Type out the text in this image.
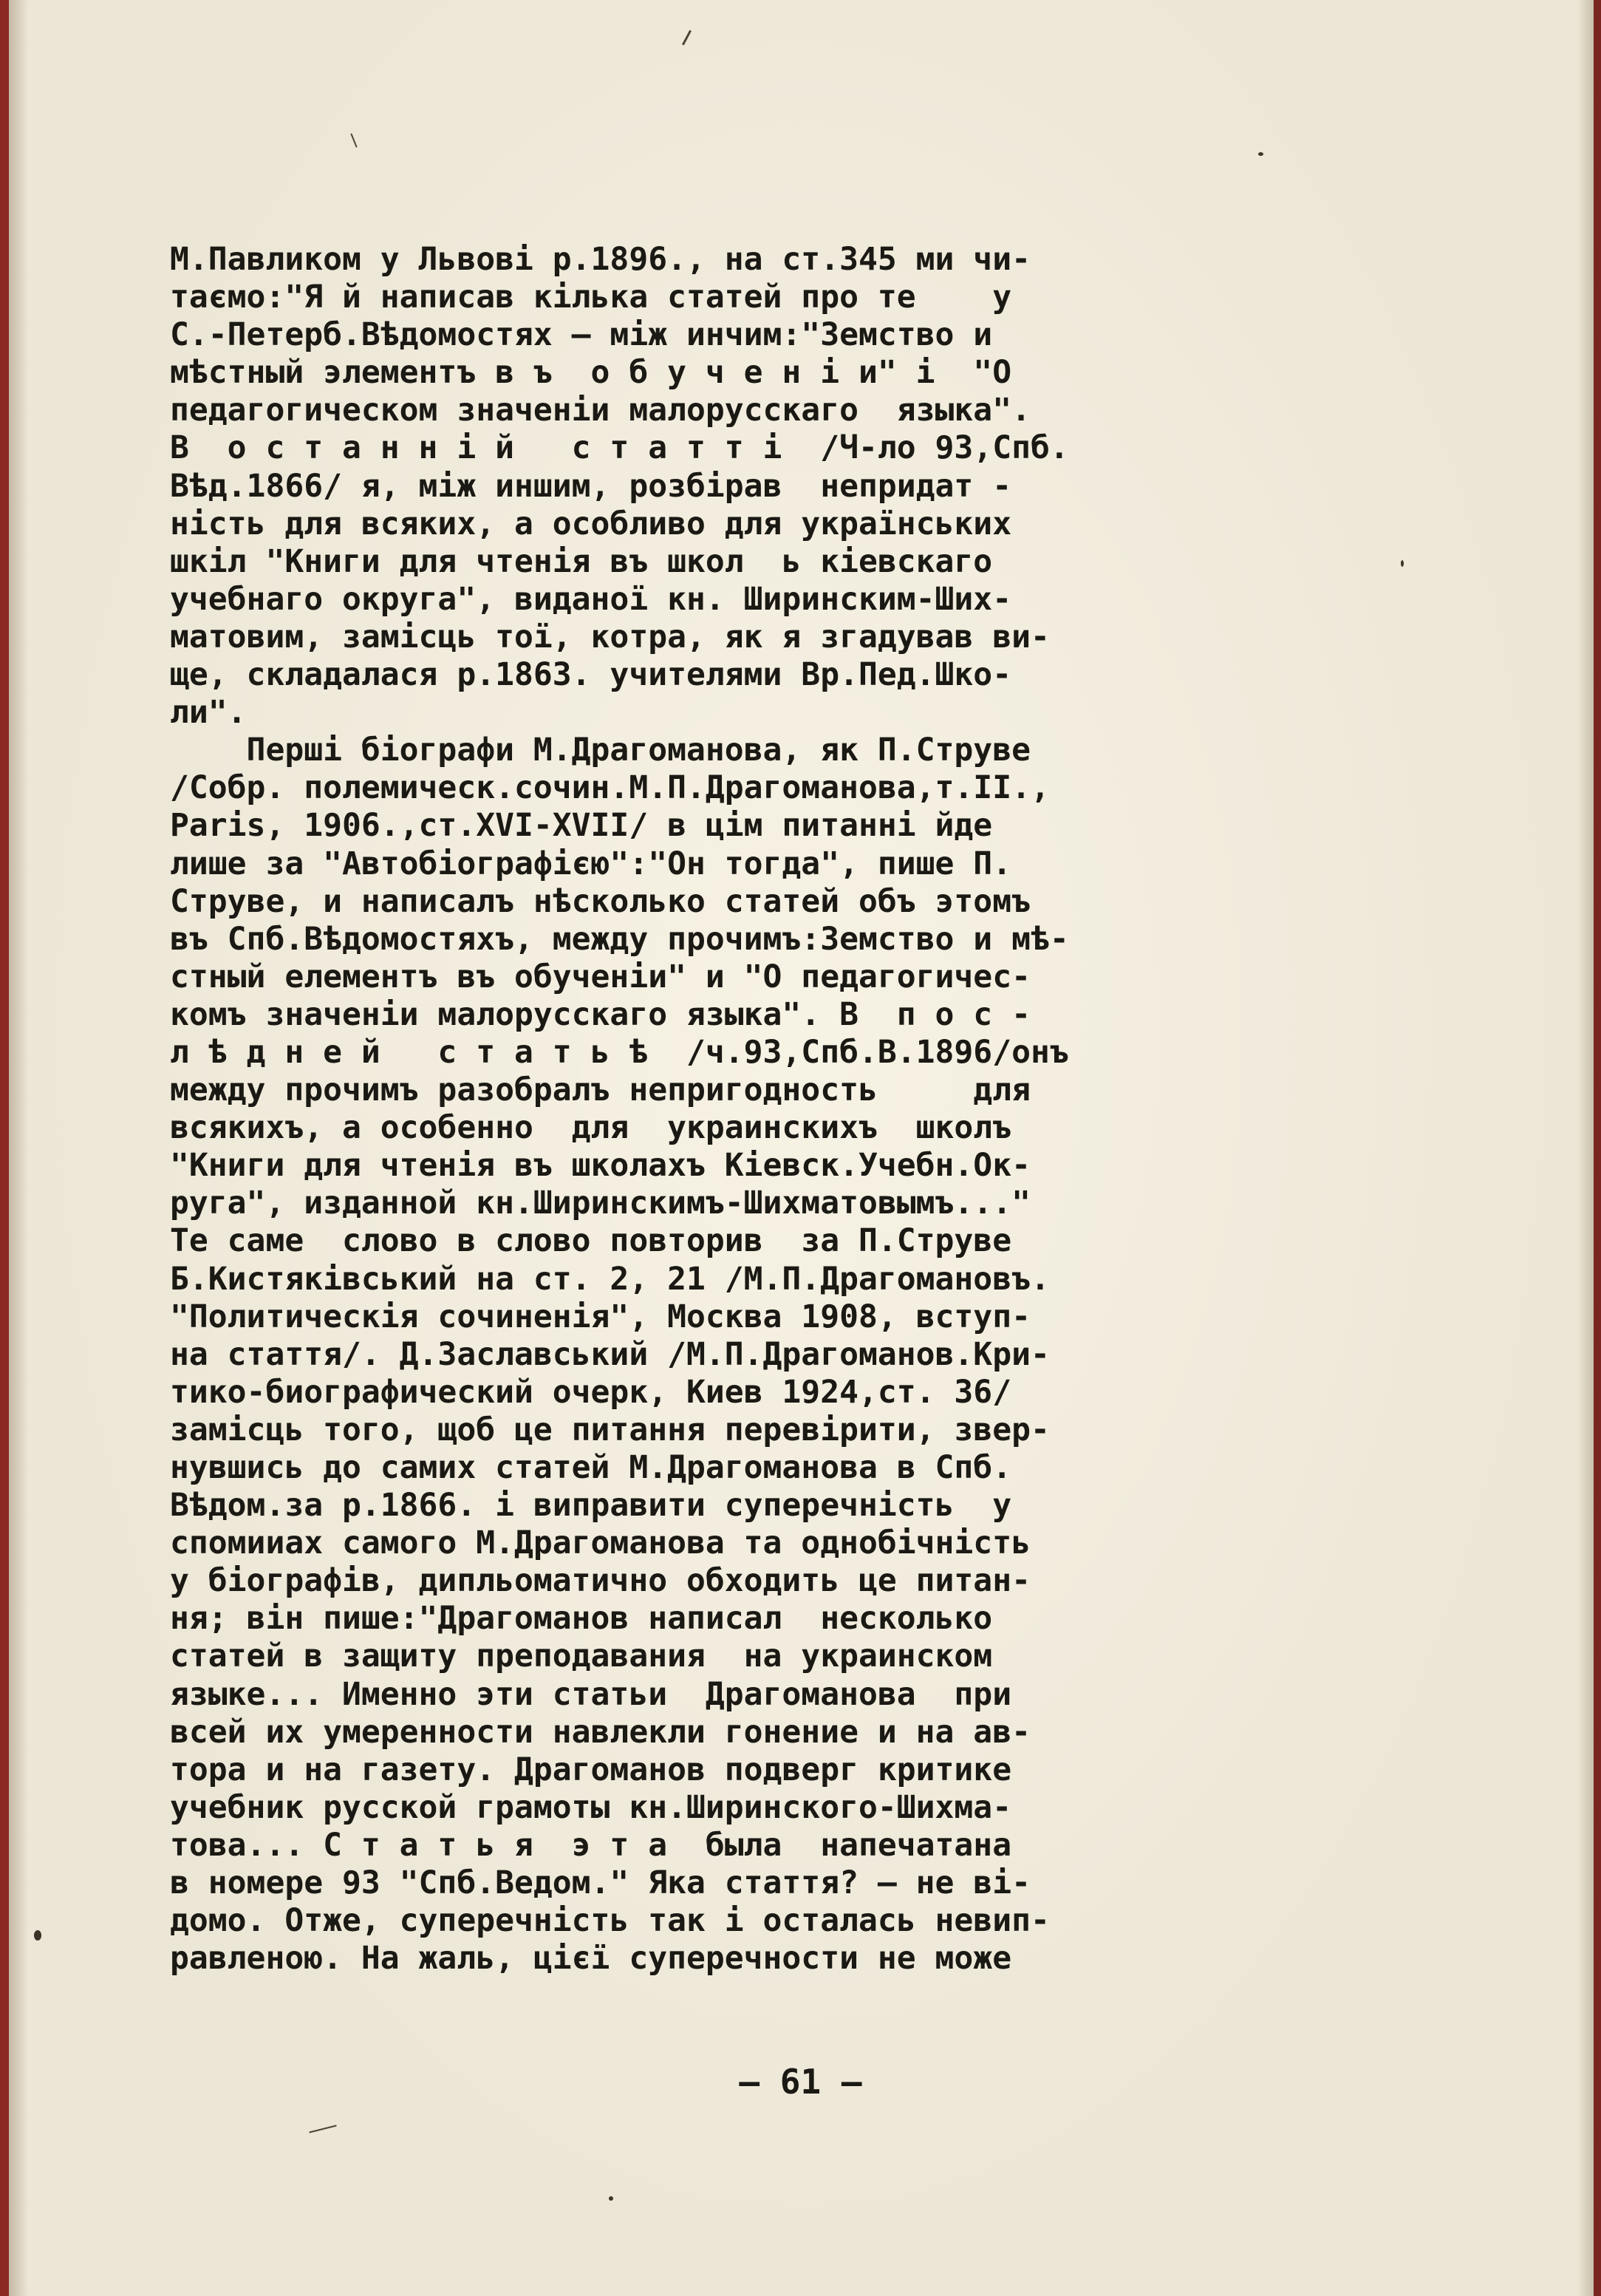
М.Павликом у Львові р.1896., на ст.345 ми чи-
таємо:"Я й написав кілька статей про те    у
С.-Петерб.Вѣдомостях – між инчим:"Земство и
мѣстный элементъ в ъ  о б у ч е н і и" і  "О
педагогическом значеніи малорусскаго  языка".
В  о с т а н н і й   с т а т т і  /Ч-ло 93,Спб.
Вѣд.1866/ я, між иншим, розбірав  непридат -
ність для всяких, а особливо для українських
шкіл "Книги для чтенія въ школ  ь кіевскаго
учебнаго округа", виданої кн. Ширинским-Ших-
матовим, замісць тої, котра, як я згадував ви-
ще, складалася р.1863. учителями Вр.Пед.Шко-
ли".
Перші біографи М.Драгоманова, як П.Струве
/Собр. полемическ.сочин.М.П.Драгоманова,т.II.,
Paris, 1906.,ст.XVI-XVII/ в цім питанні йде
лише за "Автобіографією":"Он тогда", пише П.
Струве, и написалъ нѣсколько статей объ этомъ
въ Спб.Вѣдомостяхъ, между прочимъ:Земство и мѣ-
стный елементъ въ обученіи" и "О педагогичес-
комъ значеніи малорусскаго языка". В  п о с -
л ѣ д н е й   с т а т ь ѣ  /ч.93,Спб.В.1896/онъ
между прочимъ разобралъ непригодность     для
всякихъ, а особенно  для  украинскихъ  школъ
"Книги для чтенія въ школахъ Кіевск.Учебн.Ок-
руга", изданной кн.Ширинскимъ-Шихматовымъ..."
Те саме  слово в слово повторив  за П.Струве
Б.Кистяківський на ст. 2, 21 /М.П.Драгомановъ.
"Политическія сочиненія", Москва 1908, вступ-
на стаття/. Д.Заславський /М.П.Драгоманов.Кри-
тико-биографический очерк, Киев 1924,ст. 36/
замісць того, щоб це питання перевірити, звер-
нувшись до самих статей М.Драгоманова в Спб.
Вѣдом.за р.1866. і виправити суперечність  у
спомииах самого М.Драгоманова та однобічність
у біографів, дипльоматично обходить це питан-
ня; він пише:"Драгоманов написал  несколько
статей в защиту преподавания  на украинском
языке... Именно эти статьи  Драгоманова  при
всей их умеренности навлекли гонение и на ав-
тора и на газету. Драгоманов подверг критике
учебник русской грамоты кн.Ширинского-Шихма-
това... С т а т ь я  э т а  была  напечатана
в номере 93 "Спб.Ведом." Яка стаття? – не ві-
домо. Отже, суперечність так і осталась невип-
равленою. На жаль, цієї суперечности не може
– 61 –
